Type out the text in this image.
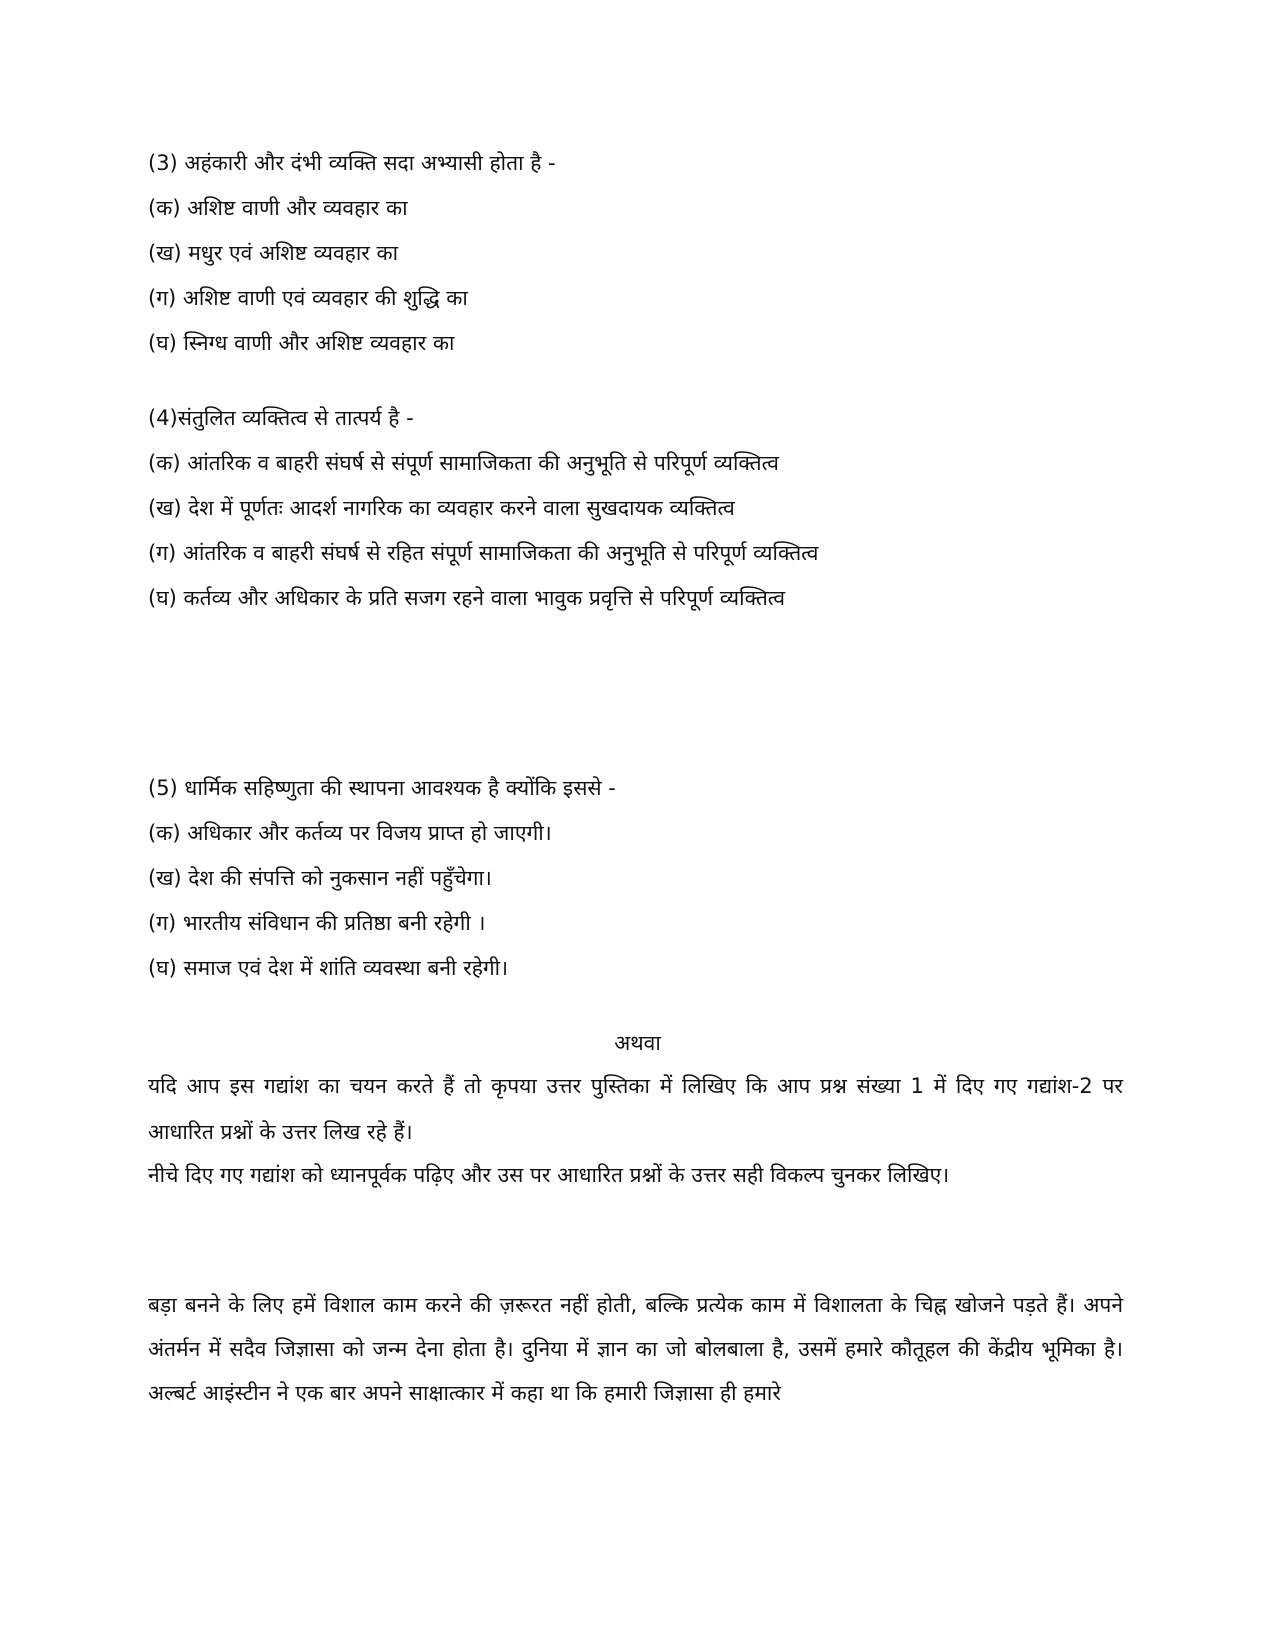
(3) अहंकारी और दंभी व्यक्ति सदा अभ्यासी होता है -
(क) अशिष्ट वाणी और व्यवहार का
(ख) मधुर एवं अशिष्ट व्यवहार का
(ग) अशिष्ट वाणी एवं व्यवहार की शुद्धि का
(घ) स्निग्ध वाणी और अशिष्ट व्यवहार का
(4)संतुलित व्यक्तित्व से तात्पर्य है -
(क) आंतरिक व बाहरी संघर्ष से संपूर्ण सामाजिकता की अनुभूति से परिपूर्ण व्यक्तित्व
(ख) देश में पूर्णतः आदर्श नागरिक का व्यवहार करने वाला सुखदायक व्यक्तित्व
(ग) आंतरिक व बाहरी संघर्ष से रहित संपूर्ण सामाजिकता की अनुभूति से परिपूर्ण व्यक्तित्व
(घ) कर्तव्य और अधिकार के प्रति सजग रहने वाला भावुक प्रवृत्ति से परिपूर्ण व्यक्तित्व
(5) धार्मिक सहिष्णुता की स्थापना आवश्यक है क्योंकि इससे -
(क) अधिकार और कर्तव्य पर विजय प्राप्त हो जाएगी।
(ख) देश की संपत्ति को नुकसान नहीं पहुँचेगा।
(ग) भारतीय संविधान की प्रतिष्ठा बनी रहेगी ।
(घ) समाज एवं देश में शांति व्यवस्था बनी रहेगी।
अथवा
यदि आप इस गद्यांश का चयन करते हैं तो कृपया उत्तर पुस्तिका में लिखिए कि आप प्रश्न संख्या 1 में दिए गए गद्यांश-2 पर आधारित प्रश्नों के उत्तर लिख रहे हैं।
नीचे दिए गए गद्यांश को ध्यानपूर्वक पढ़िए और उस पर आधारित प्रश्नों के उत्तर सही विकल्प चुनकर लिखिए।
बड़ा बनने के लिए हमें विशाल काम करने की ज़रूरत नहीं होती, बल्कि प्रत्येक काम में विशालता के चिह्न खोजने पड़ते हैं। अपने अंतर्मन में सदैव जिज्ञासा को जन्म देना होता है। दुनिया में ज्ञान का जो बोलबाला है, उसमें हमारे कौतूहल की केंद्रीय भूमिका है। अल्बर्ट आइंस्टीन ने एक बार अपने साक्षात्कार में कहा था कि हमारी जिज्ञासा ही हमारे
